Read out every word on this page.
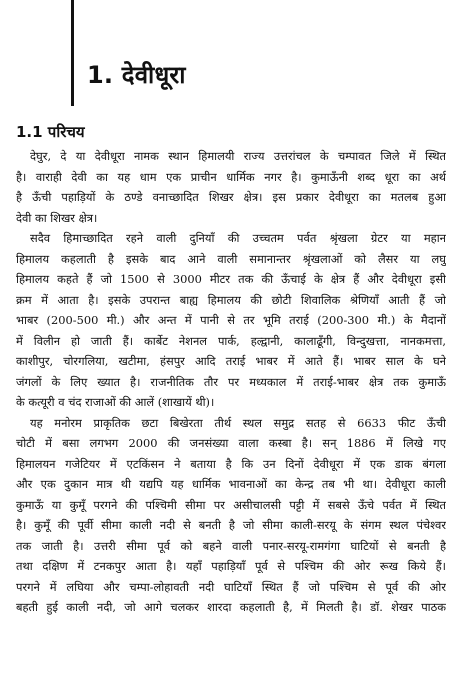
1. देवीधूरा
1.1 परिचय
देघुर, दे या देवीधूरा नामक स्थान हिमालयी राज्य उत्तरांचल के चम्पावत जिले में स्थित
है। वाराही देवी का यह धाम एक प्राचीन धार्मिक नगर है। कुमाऊँनी शब्द धूरा का अर्थ
है ऊँची पहाड़ियों के ठण्डे वनाच्छादित शिखर क्षेत्र। इस प्रकार देवीधूरा का मतलब हुआ
देवी का शिखर क्षेत्र।
सदैव हिमाच्छादित रहने वाली दुनियाँ की उच्चतम पर्वत श्रृंखला ग्रेटर या महान
हिमालय कहलाती है इसके बाद आने वाली समानान्तर श्रृंखलाओं को लैसर या लघु
हिमालय कहते हैं जो 1500 से 3000 मीटर तक की ऊँचाई के क्षेत्र हैं और देवीधूरा इसी
क्रम में आता है। इसके उपरान्त बाह्य हिमालय की छोटी शिवालिक श्रेणियाँ आती हैं जो
भाबर (200-500 मी.) और अन्त में पानी से तर भूमि तराई (200-300 मी.) के मैदानों
में विलीन हो जाती हैं। कार्बेट नेशनल पार्क, हल्द्वानी, कालाढूँगी, विन्दुखत्ता, नानकमत्ता,
काशीपुर, चोरगलिया, खटीमा, हंसपुर आदि तराई भाबर में आते हैं। भाबर साल के घने
जंगलों के लिए ख्यात है। राजनीतिक तौर पर मध्यकाल में तराई-भाबर क्षेत्र तक कुमाऊँ
के कत्यूरी व चंद राजाओं की आलें (शाखायें थी)।
यह मनोरम प्राकृतिक छटा बिखेरता तीर्थ स्थल समुद्र सतह से 6633 फीट ऊँची
चोटी में बसा लगभग 2000 की जनसंख्या वाला कस्बा है। सन् 1886 में लिखे गए
हिमालयन गजेटियर में एटकिंसन ने बताया है कि उन दिनों देवीधूरा में एक डाक बंगला
और एक दुकान मात्र थी यद्यपि यह धार्मिक भावनाओं का केन्द्र तब भी था। देवीधूरा काली
कुमाऊँ या कुमूँ परगने की पश्चिमी सीमा पर असीचालसी पट्टी में सबसे ऊँचे पर्वत में स्थित
है। कुमूँ की पूर्वी सीमा काली नदी से बनती है जो सीमा काली-सरयू के संगम स्थल पंचेश्वर
तक जाती है। उत्तरी सीमा पूर्व को बहने वाली पनार-सरयू-रामगंगा घाटियों से बनती है
तथा दक्षिण में टनकपुर आता है। यहाँ पहाड़ियाँ पूर्व से पश्चिम की ओर रूख किये हैं।
परगने में लघिया और चम्पा-लोहावती नदी घाटियाँ स्थित हैं जो पश्चिम से पूर्व की ओर
बहती हुई काली नदी, जो आगे चलकर शारदा कहलाती है, में मिलती है। डॉ. शेखर पाठक
